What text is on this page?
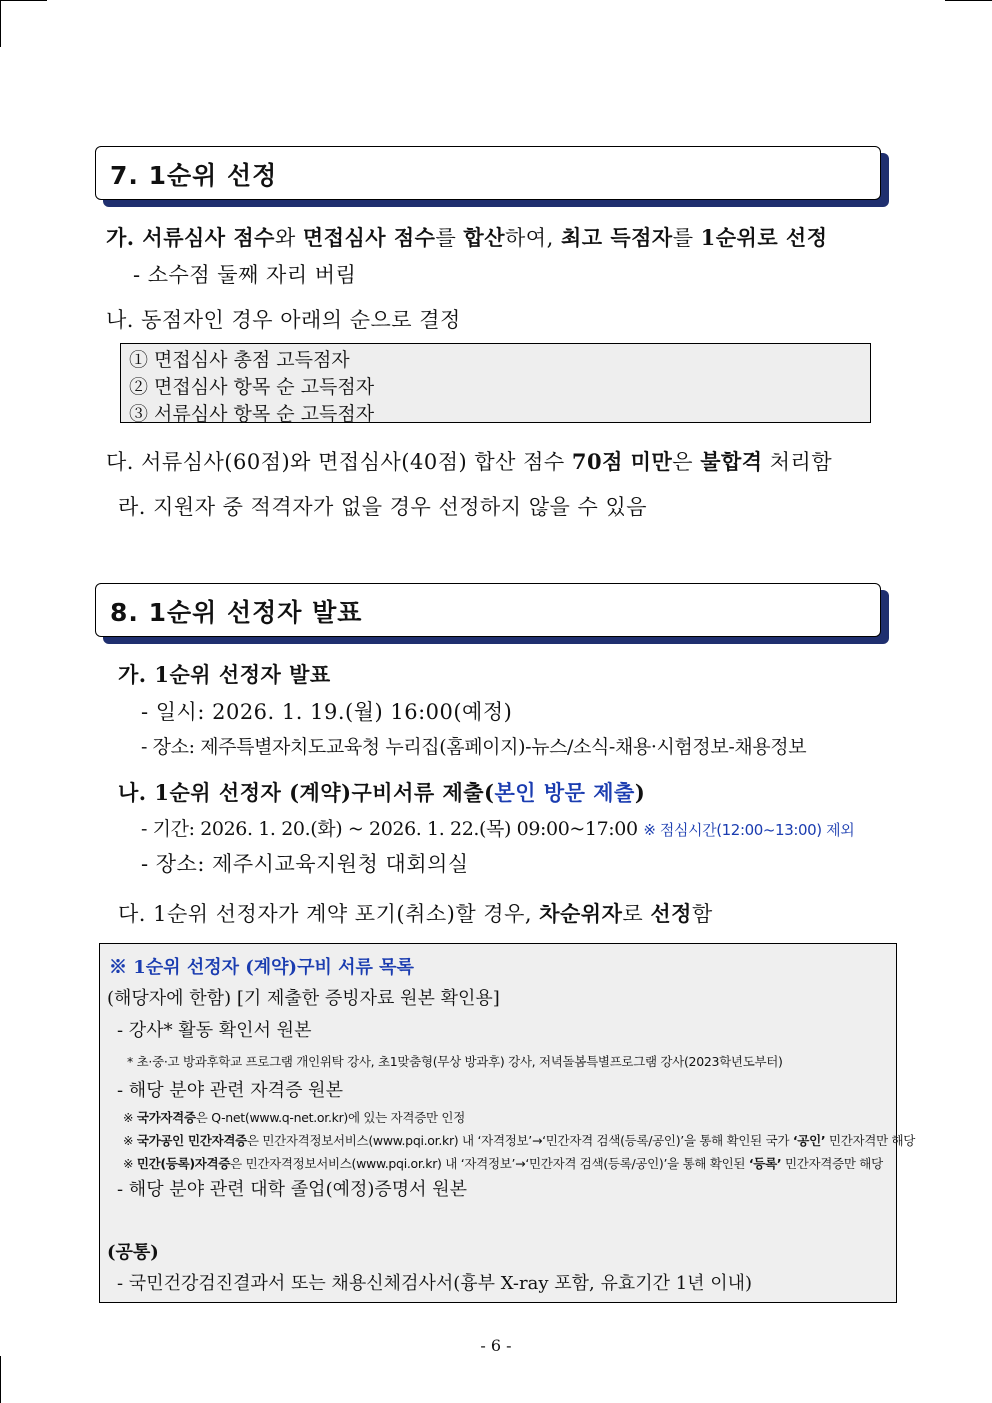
7. 1순위 선정
가. 서류심사 점수와 면접심사 점수를 합산하여, 최고 득점자를 1순위로 선정
- 소수점 둘째 자리 버림
나. 동점자인 경우 아래의 순으로 결정
① 면접심사 총점 고득점자
② 면접심사 항목 순 고득점자
③ 서류심사 항목 순 고득점자
다. 서류심사(60점)와 면접심사(40점) 합산 점수 70점 미만은 불합격 처리함
라. 지원자 중 적격자가 없을 경우 선정하지 않을 수 있음
8. 1순위 선정자 발표
가. 1순위 선정자 발표
- 일시: 2026. 1. 19.(월) 16:00(예정)
- 장소: 제주특별자치도교육청 누리집(홈페이지)-뉴스/소식-채용·시험정보-채용정보
나. 1순위 선정자 (계약)구비서류 제출(본인 방문 제출)
- 기간: 2026. 1. 20.(화) ~ 2026. 1. 22.(목) 09:00~17:00 ※ 점심시간(12:00~13:00) 제외
- 장소: 제주시교육지원청 대회의실
다. 1순위 선정자가 계약 포기(취소)할 경우, 차순위자로 선정함
※ 1순위 선정자 (계약)구비 서류 목록
(해당자에 한함) [기 제출한 증빙자료 원본 확인용]
- 강사* 활동 확인서 원본
* 초·중·고 방과후학교 프로그램 개인위탁 강사, 초1맞춤형(무상 방과후) 강사, 저녁돌봄특별프로그램 강사(2023학년도부터)
- 해당 분야 관련 자격증 원본
※ 국가자격증은 Q-net(www.q-net.or.kr)에 있는 자격증만 인정
※ 국가공인 민간자격증은 민간자격정보서비스(www.pqi.or.kr) 내 ‘자격정보’→‘민간자격 검색(등록/공인)’을 통해 확인된 국가 ‘공인’ 민간자격만 해당
※ 민간(등록)자격증은 민간자격정보서비스(www.pqi.or.kr) 내 ‘자격정보’→‘민간자격 검색(등록/공인)’을 통해 확인된 ‘등록’ 민간자격증만 해당
- 해당 분야 관련 대학 졸업(예정)증명서 원본
(공통)
- 국민건강검진결과서 또는 채용신체검사서(흉부 X-ray 포함, 유효기간 1년 이내)
- 6 -
